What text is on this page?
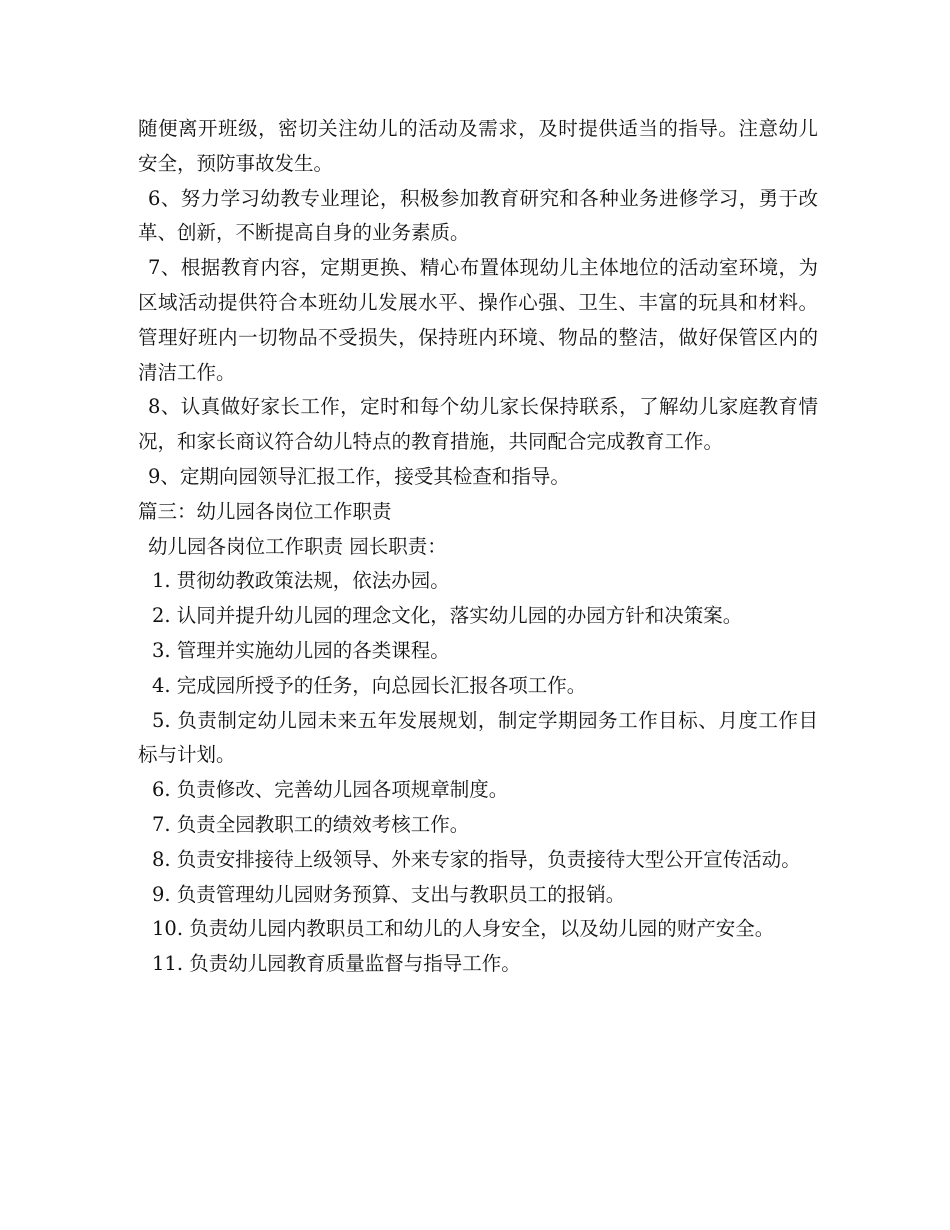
随便离开班级，密切关注幼儿的活动及需求，及时提供适当的指导。注意幼儿安全，预防事故发生。

6、努力学习幼教专业理论，积极参加教育研究和各种业务进修学习，勇于改革、创新，不断提高自身的业务素质。

7、根据教育内容，定期更换、精心布置体现幼儿主体地位的活动室环境，为区域活动提供符合本班幼儿发展水平、操作心强、卫生、丰富的玩具和材料。管理好班内一切物品不受损失，保持班内环境、物品的整洁，做好保管区内的清洁工作。

8、认真做好家长工作，定时和每个幼儿家长保持联系，了解幼儿家庭教育情况，和家长商议符合幼儿特点的教育措施，共同配合完成教育工作。

9、定期向园领导汇报工作，接受其检查和指导。

篇三：幼儿园各岗位工作职责

幼儿园各岗位工作职责 园长职责：

1. 贯彻幼教政策法规，依法办园。

2. 认同并提升幼儿园的理念文化，落实幼儿园的办园方针和决策案。

3. 管理并实施幼儿园的各类课程。

4. 完成园所授予的任务，向总园长汇报各项工作。

5. 负责制定幼儿园未来五年发展规划，制定学期园务工作目标、月度工作目标与计划。

6. 负责修改、完善幼儿园各项规章制度。

7. 负责全园教职工的绩效考核工作。

8. 负责安排接待上级领导、外来专家的指导，负责接待大型公开宣传活动。

9. 负责管理幼儿园财务预算、支出与教职员工的报销。

10. 负责幼儿园内教职员工和幼儿的人身安全，以及幼儿园的财产安全。

11. 负责幼儿园教育质量监督与指导工作。
